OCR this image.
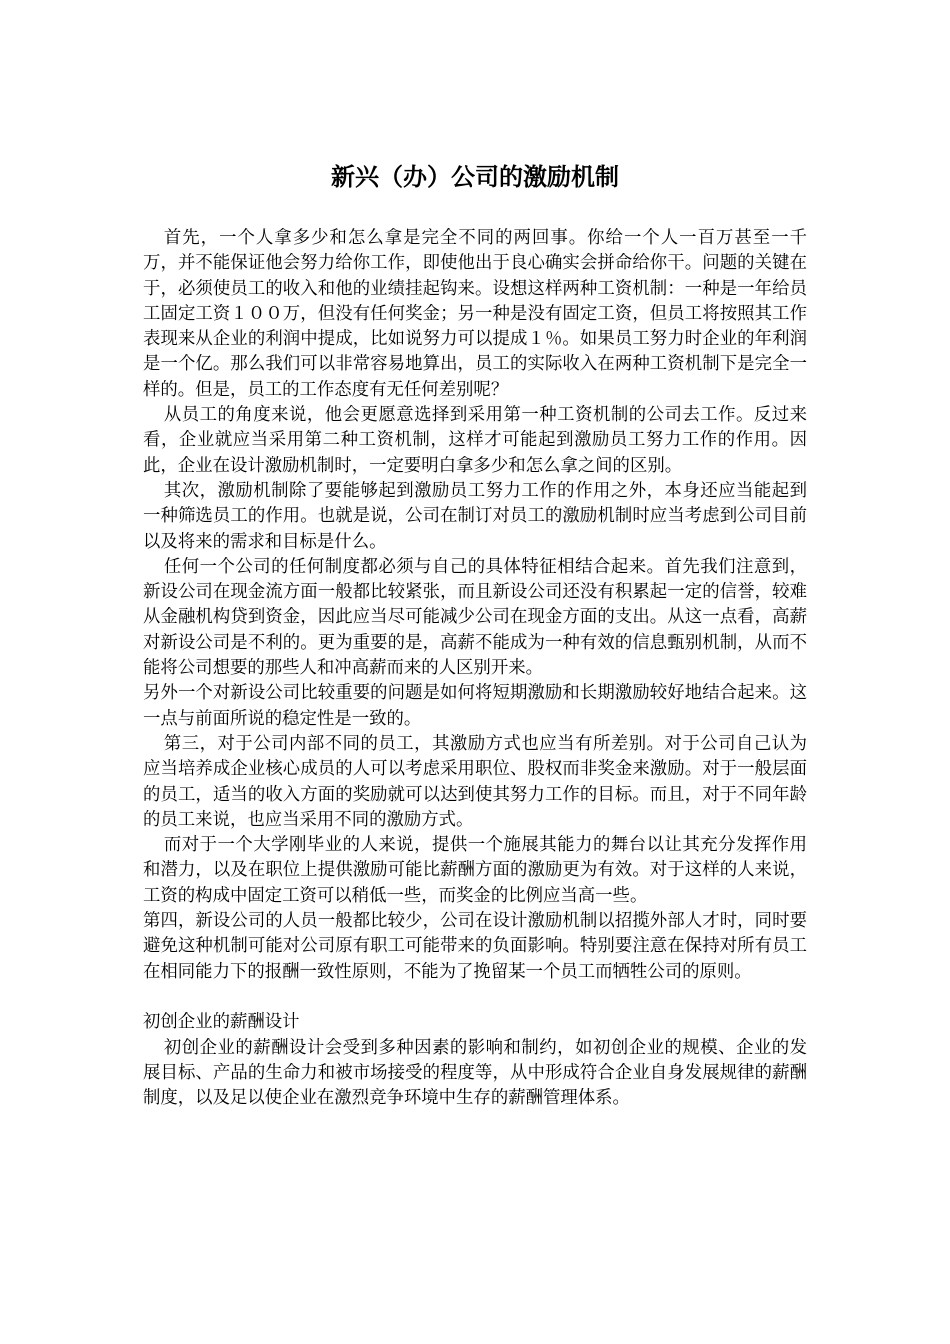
新兴（办）公司的激励机制

首先，一个人拿多少和怎么拿是完全不同的两回事。你给一个人一百万甚至一千万，并不能保证他会努力给你工作，即使他出于良心确实会拼命给你干。问题的关键在于，必须使员工的收入和他的业绩挂起钩来。设想这样两种工资机制：一种是一年给员工固定工资１００万，但没有任何奖金；另一种是没有固定工资，但员工将按照其工作表现来从企业的利润中提成，比如说努力可以提成１％。如果员工努力时企业的年利润是一个亿。那么我们可以非常容易地算出，员工的实际收入在两种工资机制下是完全一样的。但是，员工的工作态度有无任何差别呢？

从员工的角度来说，他会更愿意选择到采用第一种工资机制的公司去工作。反过来看，企业就应当采用第二种工资机制，这样才可能起到激励员工努力工作的作用。因此，企业在设计激励机制时，一定要明白拿多少和怎么拿之间的区别。

其次，激励机制除了要能够起到激励员工努力工作的作用之外，本身还应当能起到一种筛选员工的作用。也就是说，公司在制订对员工的激励机制时应当考虑到公司目前以及将来的需求和目标是什么。

任何一个公司的任何制度都必须与自己的具体特征相结合起来。首先我们注意到，新设公司在现金流方面一般都比较紧张，而且新设公司还没有积累起一定的信誉，较难从金融机构贷到资金，因此应当尽可能减少公司在现金方面的支出。从这一点看，高薪对新设公司是不利的。更为重要的是，高薪不能成为一种有效的信息甄别机制，从而不能将公司想要的那些人和冲高薪而来的人区别开来。

另外一个对新设公司比较重要的问题是如何将短期激励和长期激励较好地结合起来。这一点与前面所说的稳定性是一致的。

第三，对于公司内部不同的员工，其激励方式也应当有所差别。对于公司自己认为应当培养成企业核心成员的人可以考虑采用职位、股权而非奖金来激励。对于一般层面的员工，适当的收入方面的奖励就可以达到使其努力工作的目标。而且，对于不同年龄的员工来说，也应当采用不同的激励方式。

而对于一个大学刚毕业的人来说，提供一个施展其能力的舞台以让其充分发挥作用和潜力，以及在职位上提供激励可能比薪酬方面的激励更为有效。对于这样的人来说，工资的构成中固定工资可以稍低一些，而奖金的比例应当高一些。

第四，新设公司的人员一般都比较少，公司在设计激励机制以招揽外部人才时，同时要避免这种机制可能对公司原有职工可能带来的负面影响。特别要注意在保持对所有员工在相同能力下的报酬一致性原则，不能为了挽留某一个员工而牺牲公司的原则。

初创企业的薪酬设计

初创企业的薪酬设计会受到多种因素的影响和制约，如初创企业的规模、企业的发展目标、产品的生命力和被市场接受的程度等，从中形成符合企业自身发展规律的薪酬制度，以及足以使企业在激烈竞争环境中生存的薪酬管理体系。
